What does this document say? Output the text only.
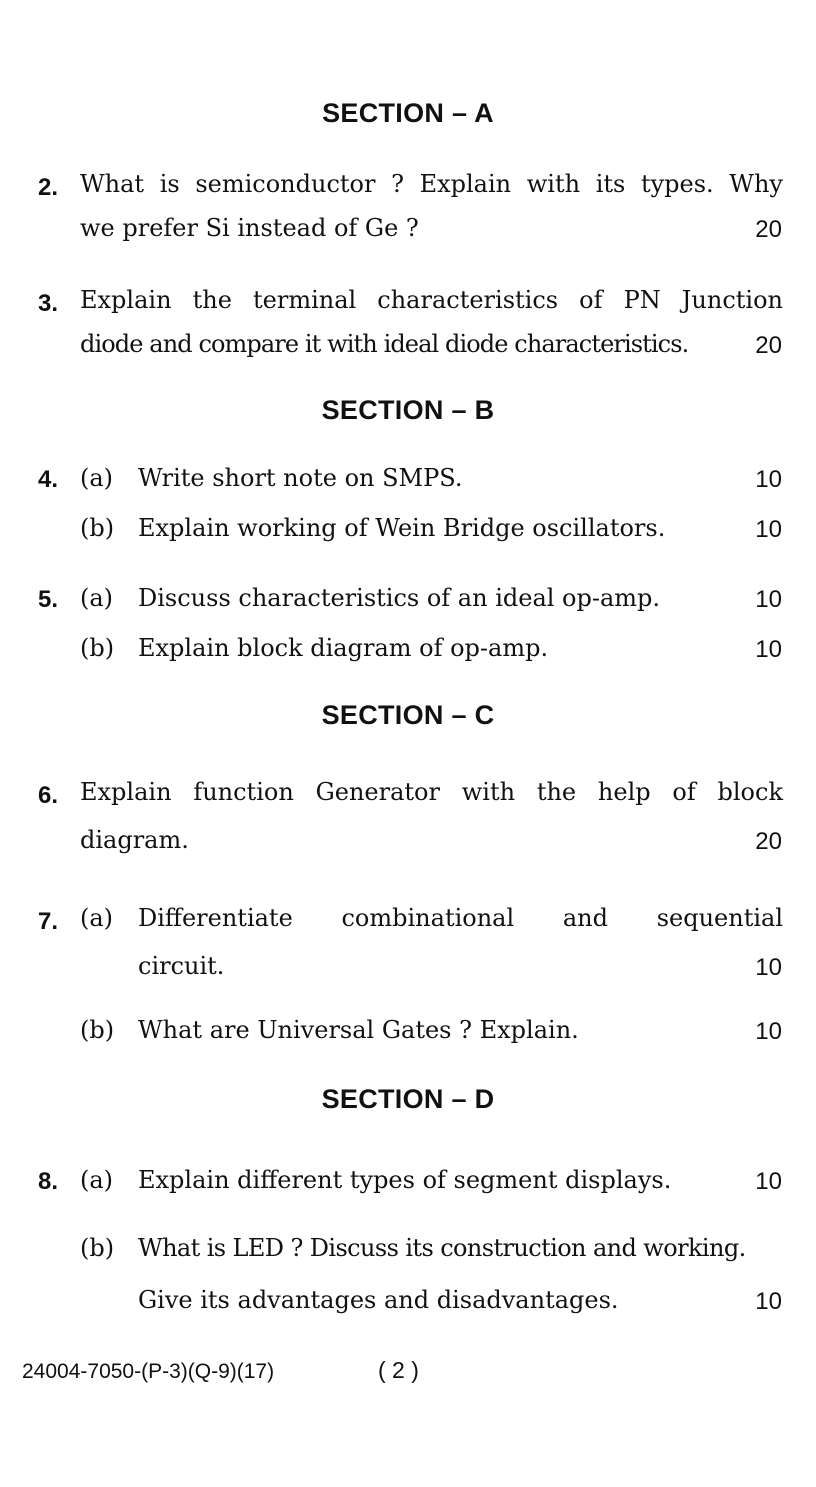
SECTION – A
2. What is semiconductor ? Explain with its types. Why
we prefer Si instead of Ge ?	20
3. Explain the terminal characteristics of PN Junction
diode and compare it with ideal diode characteristics.	20
SECTION – B
4. (a) Write short note on SMPS.	10
(b) Explain working of Wein Bridge oscillators.	10
5. (a) Discuss characteristics of an ideal op-amp.	10
(b) Explain block diagram of op-amp.	10
SECTION – C
6. Explain function Generator with the help of block
diagram.	20
7. (a) Differentiate combinational and sequential
circuit.	10
(b) What are Universal Gates ? Explain.	10
SECTION – D
8. (a) Explain different types of segment displays.	10
(b) What is LED ? Discuss its construction and working.
Give its advantages and disadvantages.	10
24004-7050-(P-3)(Q-9)(17)	( 2 )
